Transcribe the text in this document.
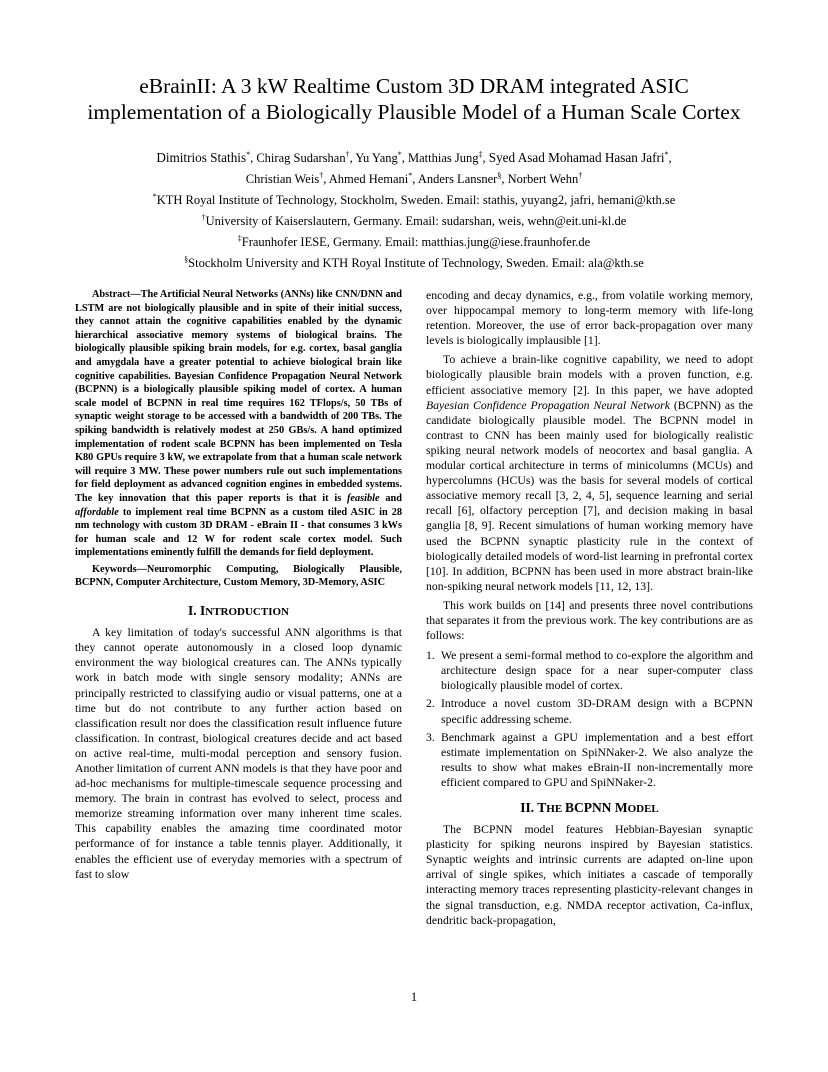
eBrainII: A 3 kW Realtime Custom 3D DRAM integrated ASIC
implementation of a Biologically Plausible Model of a Human Scale Cortex

Dimitrios Stathis*, Chirag Sudarshan†, Yu Yang*, Matthias Jung‡, Syed Asad Mohamad Hasan Jafri*,

Christian Weis†, Ahmed Hemani*, Anders Lansner§, Norbert Wehn†

*KTH Royal Institute of Technology, Stockholm, Sweden. Email: stathis, yuyang2, jafri, hemani@kth.se

†University of Kaiserslautern, Germany. Email: sudarshan, weis, wehn@eit.uni-kl.de

‡Fraunhofer IESE, Germany. Email: matthias.jung@iese.fraunhofer.de

§Stockholm University and KTH Royal Institute of Technology, Sweden. Email: ala@kth.se

Abstract—The Artificial Neural Networks (ANNs) like CNN/DNN and LSTM are not biologically plausible and in spite of their initial success, they cannot attain the cognitive capabilities enabled by the dynamic hierarchical associative memory systems of biological brains. The biologically plausible spiking brain models, for e.g. cortex, basal ganglia and amygdala have a greater potential to achieve biological brain like cognitive capabilities. Bayesian Confidence Propagation Neural Network (BCPNN) is a biologically plausible spiking model of cortex. A human scale model of BCPNN in real time requires 162 TFlops/s, 50 TBs of synaptic weight storage to be accessed with a bandwidth of 200 TBs. The spiking bandwidth is relatively modest at 250 GBs/s. A hand optimized implementation of rodent scale BCPNN has been implemented on Tesla K80 GPUs require 3 kW, we extrapolate from that a human scale network will require 3 MW. These power numbers rule out such implementations for field deployment as advanced cognition engines in embedded systems. The key innovation that this paper reports is that it is feasible and affordable to implement real time BCPNN as a custom tiled ASIC in 28 nm technology with custom 3D DRAM - eBrain II - that consumes 3 kWs for human scale and 12 W for rodent scale cortex model. Such implementations eminently fulfill the demands for field deployment.

Keywords—Neuromorphic Computing, Biologically Plausible, BCPNN, Computer Architecture, Custom Memory, 3D-Memory, ASIC

I. INTRODUCTION

A key limitation of today's successful ANN algorithms is that they cannot operate autonomously in a closed loop dynamic environment the way biological creatures can. The ANNs typically work in batch mode with single sensory modality; ANNs are principally restricted to classifying audio or visual patterns, one at a time but do not contribute to any further action based on classification result nor does the classification result influence future classification. In contrast, biological creatures decide and act based on active real-time, multi-modal perception and sensory fusion. Another limitation of current ANN models is that they have poor and ad-hoc mechanisms for multiple-timescale sequence processing and memory. The brain in contrast has evolved to select, process and memorize streaming information over many inherent time scales. This capability enables the amazing time coordinated motor performance of for instance a table tennis player. Additionally, it enables the efficient use of everyday memories with a spectrum of fast to slow

encoding and decay dynamics, e.g., from volatile working memory, over hippocampal memory to long-term memory with life-long retention. Moreover, the use of error back-propagation over many levels is biologically implausible [1].

To achieve a brain-like cognitive capability, we need to adopt biologically plausible brain models with a proven function, e.g. efficient associative memory [2]. In this paper, we have adopted Bayesian Confidence Propagation Neural Network (BCPNN) as the candidate biologically plausible model. The BCPNN model in contrast to CNN has been mainly used for biologically realistic spiking neural network models of neocortex and basal ganglia. A modular cortical architecture in terms of minicolumns (MCUs) and hypercolumns (HCUs) was the basis for several models of cortical associative memory recall [3, 2, 4, 5], sequence learning and serial recall [6], olfactory perception [7], and decision making in basal ganglia [8, 9]. Recent simulations of human working memory have used the BCPNN synaptic plasticity rule in the context of biologically detailed models of word-list learning in prefrontal cortex [10]. In addition, BCPNN has been used in more abstract brain-like non-spiking neural network models [11, 12, 13].

This work builds on [14] and presents three novel contributions that separates it from the previous work. The key contributions are as follows:

1. We present a semi-formal method to co-explore the algorithm and architecture design space for a near super-computer class biologically plausible model of cortex.
2. Introduce a novel custom 3D-DRAM design with a BCPNN specific addressing scheme.
3. Benchmark against a GPU implementation and a best effort estimate implementation on SpiNNaker-2. We also analyze the results to show what makes eBrain-II non-incrementally more efficient compared to GPU and SpiNNaker-2.
II. THE BCPNN MODEL

The BCPNN model features Hebbian-Bayesian synaptic plasticity for spiking neurons inspired by Bayesian statistics. Synaptic weights and intrinsic currents are adapted on-line upon arrival of single spikes, which initiates a cascade of temporally interacting memory traces representing plasticity-relevant changes in the signal transduction, e.g. NMDA receptor activation, Ca-influx, dendritic back-propagation,

1
